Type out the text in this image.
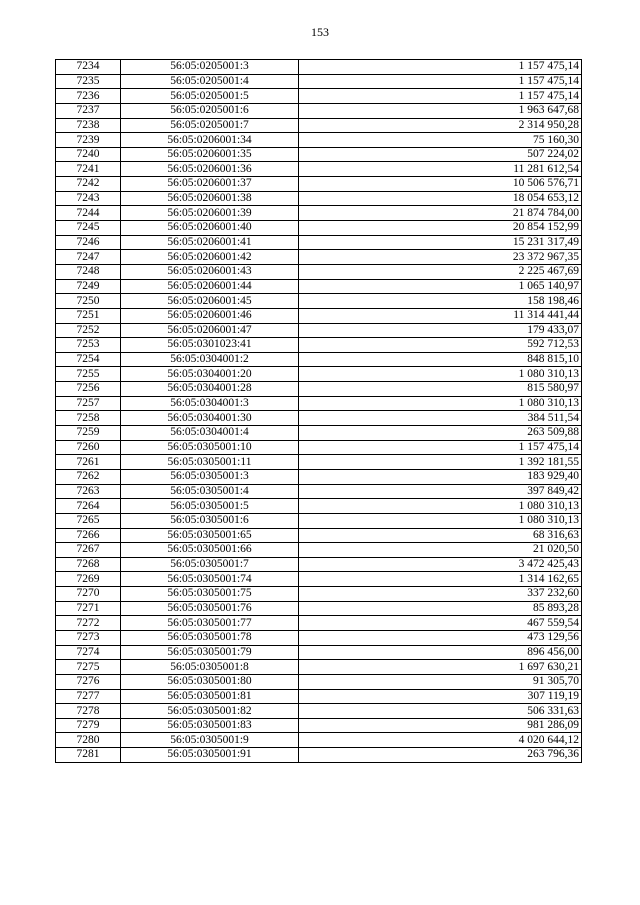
153
7234	56:05:0205001:3	1 157 475,14
7235	56:05:0205001:4	1 157 475,14
7236	56:05:0205001:5	1 157 475,14
7237	56:05:0205001:6	1 963 647,68
7238	56:05:0205001:7	2 314 950,28
7239	56:05:0206001:34	75 160,30
7240	56:05:0206001:35	507 224,02
7241	56:05:0206001:36	11 281 612,54
7242	56:05:0206001:37	10 506 576,71
7243	56:05:0206001:38	18 054 653,12
7244	56:05:0206001:39	21 874 784,00
7245	56:05:0206001:40	20 854 152,99
7246	56:05:0206001:41	15 231 317,49
7247	56:05:0206001:42	23 372 967,35
7248	56:05:0206001:43	2 225 467,69
7249	56:05:0206001:44	1 065 140,97
7250	56:05:0206001:45	158 198,46
7251	56:05:0206001:46	11 314 441,44
7252	56:05:0206001:47	179 433,07
7253	56:05:0301023:41	592 712,53
7254	56:05:0304001:2	848 815,10
7255	56:05:0304001:20	1 080 310,13
7256	56:05:0304001:28	815 580,97
7257	56:05:0304001:3	1 080 310,13
7258	56:05:0304001:30	384 511,54
7259	56:05:0304001:4	263 509,88
7260	56:05:0305001:10	1 157 475,14
7261	56:05:0305001:11	1 392 181,55
7262	56:05:0305001:3	183 929,40
7263	56:05:0305001:4	397 849,42
7264	56:05:0305001:5	1 080 310,13
7265	56:05:0305001:6	1 080 310,13
7266	56:05:0305001:65	68 316,63
7267	56:05:0305001:66	21 020,50
7268	56:05:0305001:7	3 472 425,43
7269	56:05:0305001:74	1 314 162,65
7270	56:05:0305001:75	337 232,60
7271	56:05:0305001:76	85 893,28
7272	56:05:0305001:77	467 559,54
7273	56:05:0305001:78	473 129,56
7274	56:05:0305001:79	896 456,00
7275	56:05:0305001:8	1 697 630,21
7276	56:05:0305001:80	91 305,70
7277	56:05:0305001:81	307 119,19
7278	56:05:0305001:82	506 331,63
7279	56:05:0305001:83	981 286,09
7280	56:05:0305001:9	4 020 644,12
7281	56:05:0305001:91	263 796,36
